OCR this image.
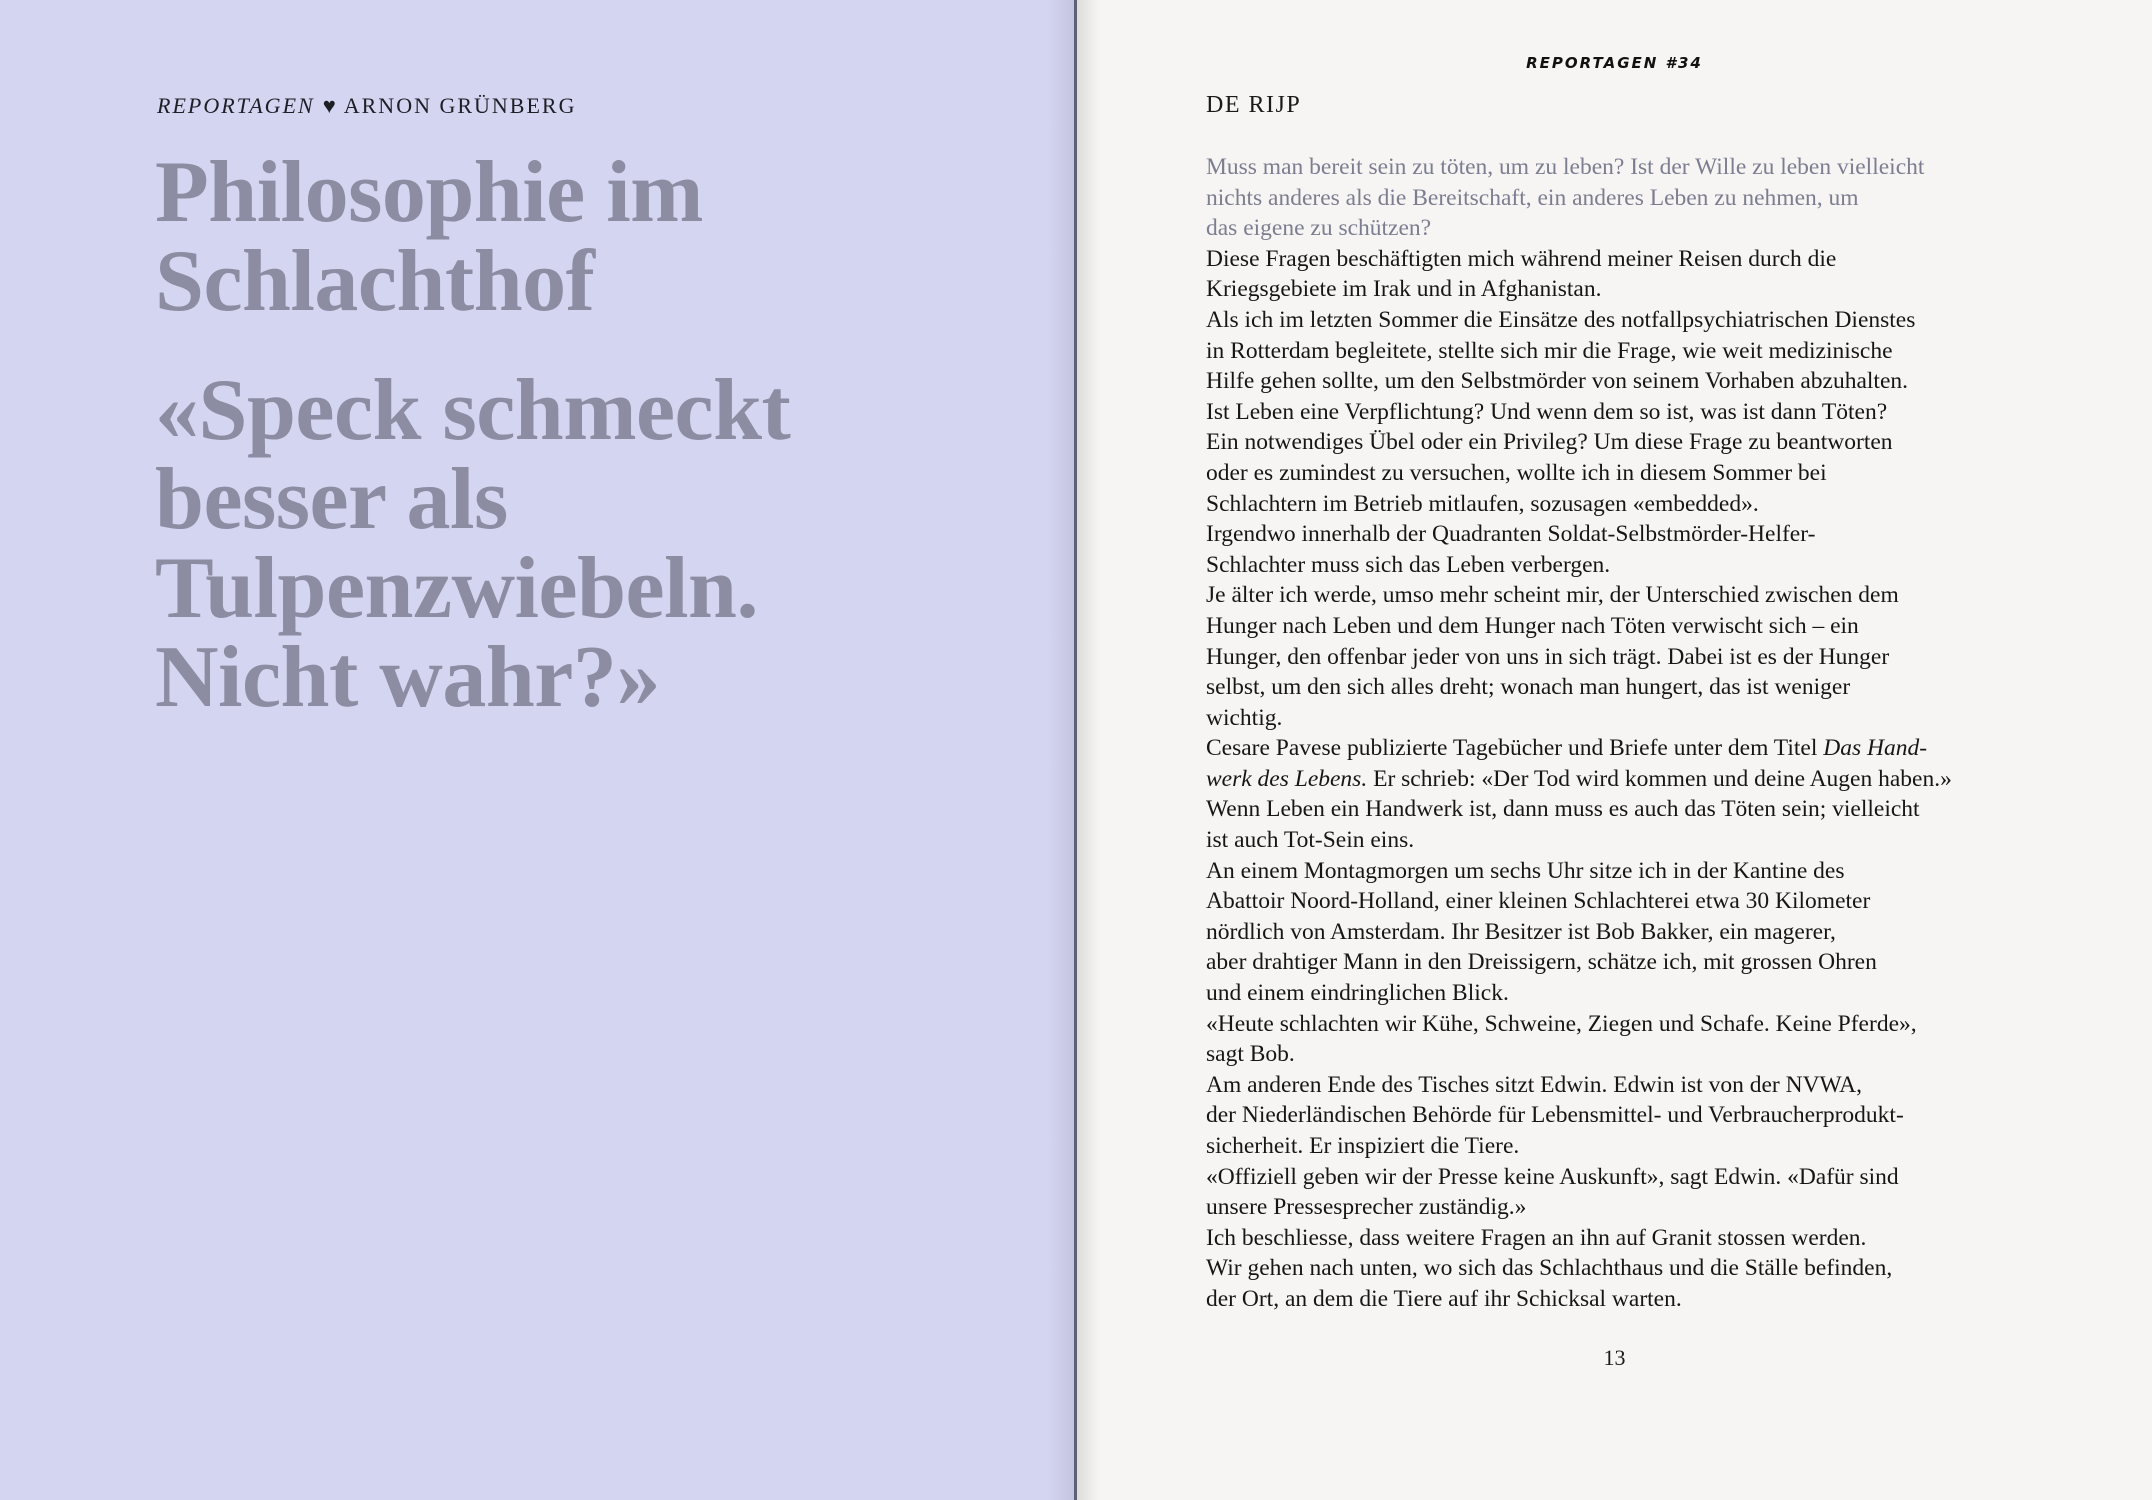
REPORTAGEN ♥ ARNON GRÜNBERG
Philosophie im
Schlachthof
«Speck schmeckt
besser als
Tulpenzwiebeln.
Nicht wahr?»
REPORTAGEN #34
DE RIJP

Muss man bereit sein zu töten, um zu leben? Ist der Wille zu leben vielleicht
nichts anderes als die Bereitschaft, ein anderes Leben zu nehmen, um
das eigene zu schützen?

Diese Fragen beschäftigten mich während meiner Reisen durch die
Kriegsgebiete im Irak und in Afghanistan.

Als ich im letzten Sommer die Einsätze des notfallpsychiatrischen Dienstes
in Rotterdam begleitete, stellte sich mir die Frage, wie weit medizinische
Hilfe gehen sollte, um den Selbstmörder von seinem Vorhaben abzuhalten.
Ist Leben eine Verpflichtung? Und wenn dem so ist, was ist dann Töten?
Ein notwendiges Übel oder ein Privileg? Um diese Frage zu beantworten
oder es zumindest zu versuchen, wollte ich in diesem Sommer bei
Schlachtern im Betrieb mitlaufen, sozusagen «embedded».

Irgendwo innerhalb der Quadranten Soldat-Selbstmörder-Helfer-
Schlachter muss sich das Leben verbergen.

Je älter ich werde, umso mehr scheint mir, der Unterschied zwischen dem
Hunger nach Leben und dem Hunger nach Töten verwischt sich – ein
Hunger, den offenbar jeder von uns in sich trägt. Dabei ist es der Hunger
selbst, um den sich alles dreht; wonach man hungert, das ist weniger
wichtig.

Cesare Pavese publizierte Tagebücher und Briefe unter dem Titel Das Hand-
werk des Lebens. Er schrieb: «Der Tod wird kommen und deine Augen haben.»
Wenn Leben ein Handwerk ist, dann muss es auch das Töten sein; vielleicht
ist auch Tot-Sein eins.

An einem Montagmorgen um sechs Uhr sitze ich in der Kantine des
Abattoir Noord-Holland, einer kleinen Schlachterei etwa 30 Kilometer
nördlich von Amsterdam. Ihr Besitzer ist Bob Bakker, ein magerer,
aber drahtiger Mann in den Dreissigern, schätze ich, mit grossen Ohren
und einem eindringlichen Blick.

«Heute schlachten wir Kühe, Schweine, Ziegen und Schafe. Keine Pferde»,
sagt Bob.

Am anderen Ende des Tisches sitzt Edwin. Edwin ist von der NVWA,
der Niederländischen Behörde für Lebensmittel- und Verbraucherprodukt-
sicherheit. Er inspiziert die Tiere.

«Offiziell geben wir der Presse keine Auskunft», sagt Edwin. «Dafür sind
unsere Pressesprecher zuständig.»

Ich beschliesse, dass weitere Fragen an ihn auf Granit stossen werden.
Wir gehen nach unten, wo sich das Schlachthaus und die Ställe befinden,
der Ort, an dem die Tiere auf ihr Schicksal warten.

13
